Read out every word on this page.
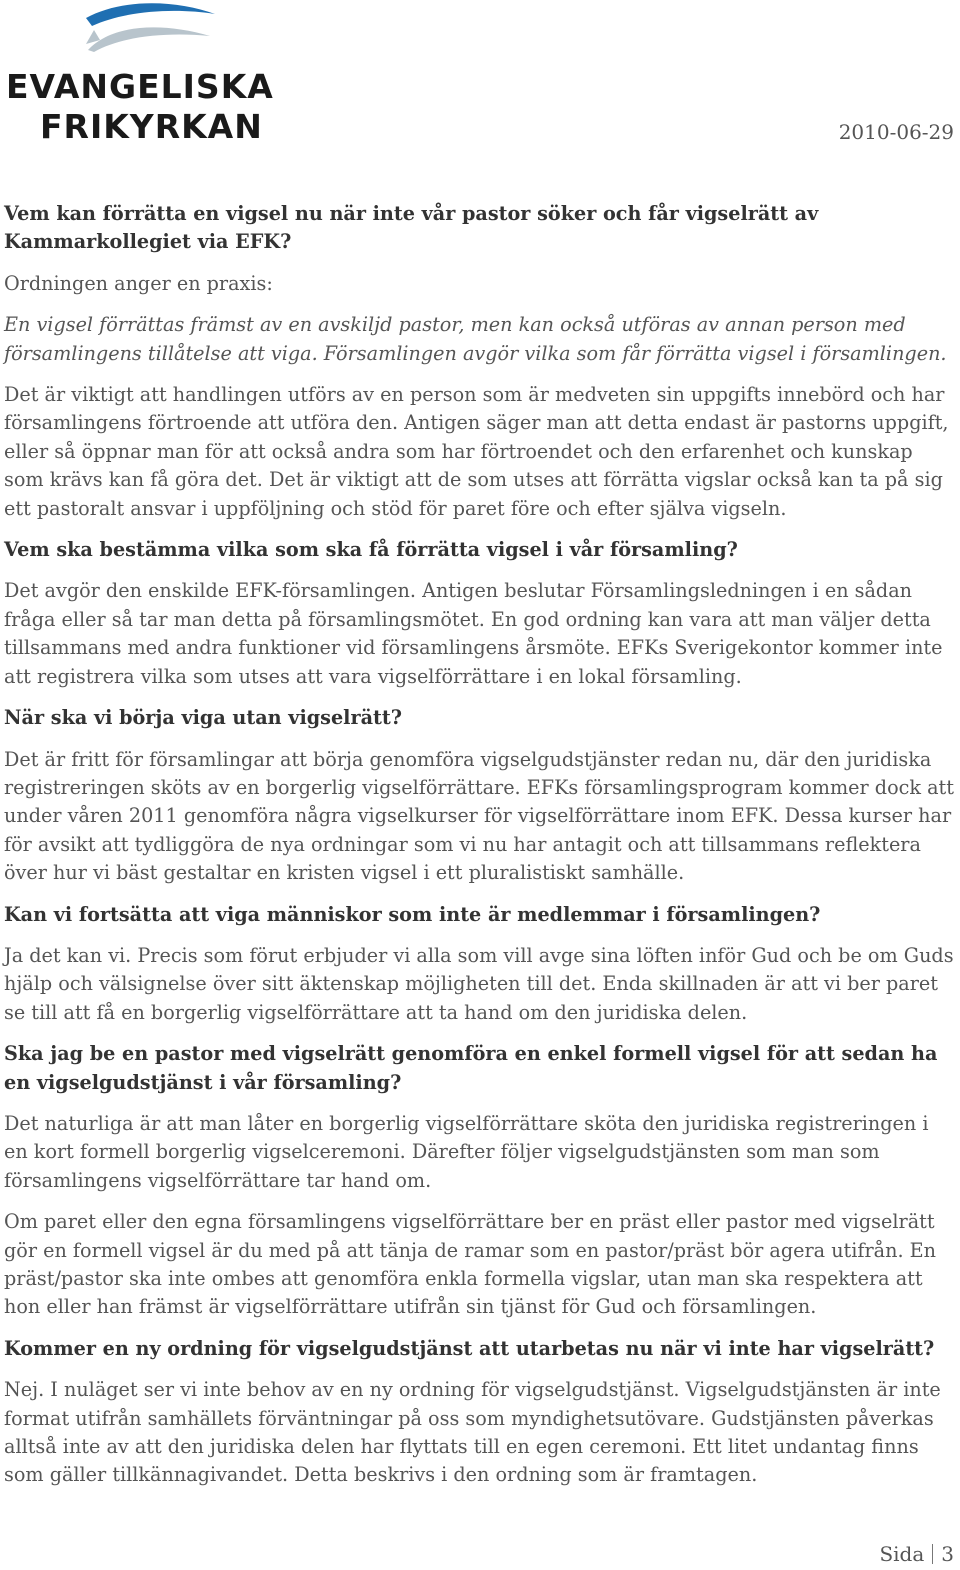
EVANGELISKA
FRIKYRKAN	2010-06-29

Vem kan förrätta en vigsel nu när inte vår pastor söker och får vigselrätt av Kammarkollegiet via EFK?

Ordningen anger en praxis:

En vigsel förrättas främst av en avskiljd pastor, men kan också utföras av annan person med församlingens tillåtelse att viga. Församlingen avgör vilka som får förrätta vigsel i församlingen.

Det är viktigt att handlingen utförs av en person som är medveten sin uppgifts innebörd och har församlingens förtroende att utföra den. Antigen säger man att detta endast är pastorns uppgift, eller så öppnar man för att också andra som har förtroendet och den erfarenhet och kunskap som krävs kan få göra det. Det är viktigt att de som utses att förrätta vigslar också kan ta på sig ett pastoralt ansvar i uppföljning och stöd för paret före och efter själva vigseln.

Vem ska bestämma vilka som ska få förrätta vigsel i vår församling?

Det avgör den enskilde EFK-församlingen. Antigen beslutar Församlingsledningen i en sådan fråga eller så tar man detta på församlingsmötet. En god ordning kan vara att man väljer detta tillsammans med andra funktioner vid församlingens årsmöte. EFKs Sverigekontor kommer inte att registrera vilka som utses att vara vigselförrättare i en lokal församling.

När ska vi börja viga utan vigselrätt?

Det är fritt för församlingar att börja genomföra vigselgudstjänster redan nu, där den juridiska registreringen sköts av en borgerlig vigselförrättare. EFKs församlingsprogram kommer dock att under våren 2011 genomföra några vigselkurser för vigselförrättare inom EFK. Dessa kurser har för avsikt att tydliggöra de nya ordningar som vi nu har antagit och att tillsammans reflektera över hur vi bäst gestaltar en kristen vigsel i ett pluralistiskt samhälle.

Kan vi fortsätta att viga människor som inte är medlemmar i församlingen?

Ja det kan vi. Precis som förut erbjuder vi alla som vill avge sina löften inför Gud och be om Guds hjälp och välsignelse över sitt äktenskap möjligheten till det. Enda skillnaden är att vi ber paret se till att få en borgerlig vigselförrättare att ta hand om den juridiska delen.

Ska jag be en pastor med vigselrätt genomföra en enkel formell vigsel för att sedan ha en vigselgudstjänst i vår församling?

Det naturliga är att man låter en borgerlig vigselförrättare sköta den juridiska registreringen i en kort formell borgerlig vigselceremoni. Därefter följer vigselgudstjänsten som man som församlingens vigselförrättare tar hand om.

Om paret eller den egna församlingens vigselförrättare ber en präst eller pastor med vigselrätt gör en formell vigsel är du med på att tänja de ramar som en pastor/präst bör agera utifrån. En präst/pastor ska inte ombes att genomföra enkla formella vigslar, utan man ska respektera att hon eller han främst är vigselförrättare utifrån sin tjänst för Gud och församlingen.

Kommer en ny ordning för vigselgudstjänst att utarbetas nu när vi inte har vigselrätt?

Nej. I nuläget ser vi inte behov av en ny ordning för vigselgudstjänst. Vigselgudstjänsten är inte format utifrån samhällets förväntningar på oss som myndighetsutövare. Gudstjänsten påverkas alltså inte av att den juridiska delen har flyttats till en egen ceremoni. Ett litet undantag finns som gäller tillkännagivandet. Detta beskrivs i den ordning som är framtagen.

Sida 3
